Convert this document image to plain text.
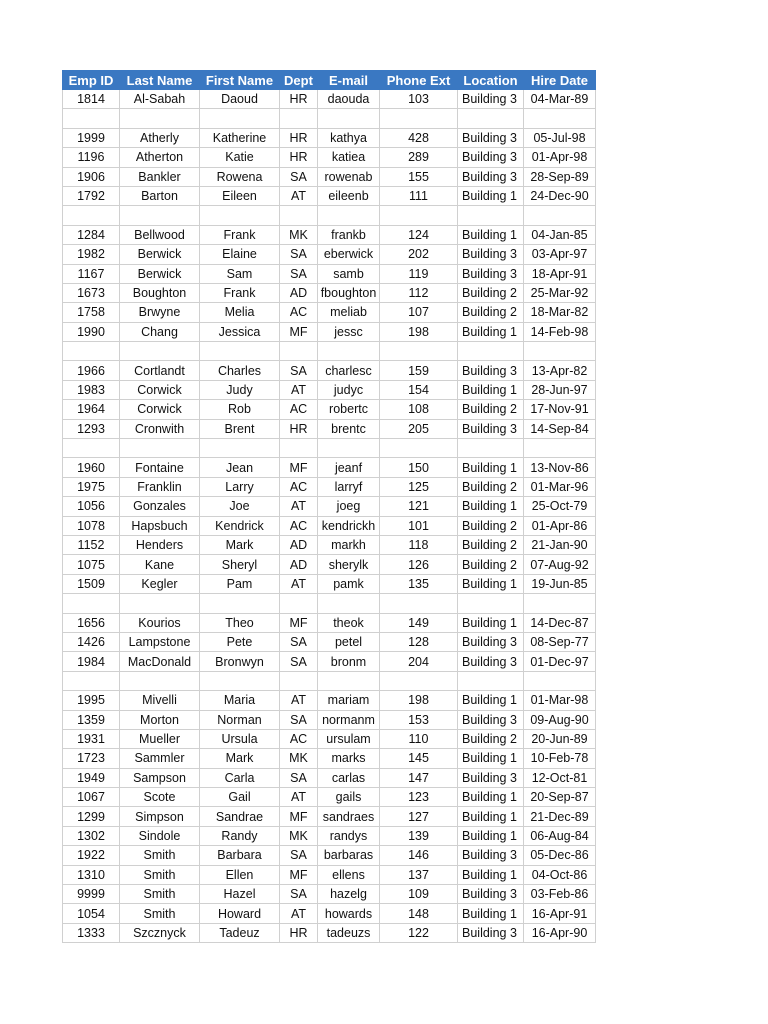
Emp ID	Last Name	First Name	Dept	E-mail	Phone Ext	Location	Hire Date
1814	Al-Sabah	Daoud	HR	daouda	103	Building 3	04-Mar-89

1999	Atherly	Katherine	HR	kathya	428	Building 3	05-Jul-98
1196	Atherton	Katie	HR	katiea	289	Building 3	01-Apr-98
1906	Bankler	Rowena	SA	rowenab	155	Building 3	28-Sep-89
1792	Barton	Eileen	AT	eileenb	111	Building 1	24-Dec-90

1284	Bellwood	Frank	MK	frankb	124	Building 1	04-Jan-85
1982	Berwick	Elaine	SA	eberwick	202	Building 3	03-Apr-97
1167	Berwick	Sam	SA	samb	119	Building 3	18-Apr-91
1673	Boughton	Frank	AD	fboughton	112	Building 2	25-Mar-92
1758	Brwyne	Melia	AC	meliab	107	Building 2	18-Mar-82
1990	Chang	Jessica	MF	jessc	198	Building 1	14-Feb-98

1966	Cortlandt	Charles	SA	charlesc	159	Building 3	13-Apr-82
1983	Corwick	Judy	AT	judyc	154	Building 1	28-Jun-97
1964	Corwick	Rob	AC	robertc	108	Building 2	17-Nov-91
1293	Cronwith	Brent	HR	brentc	205	Building 3	14-Sep-84

1960	Fontaine	Jean	MF	jeanf	150	Building 1	13-Nov-86
1975	Franklin	Larry	AC	larryf	125	Building 2	01-Mar-96
1056	Gonzales	Joe	AT	joeg	121	Building 1	25-Oct-79
1078	Hapsbuch	Kendrick	AC	kendrickh	101	Building 2	01-Apr-86
1152	Henders	Mark	AD	markh	118	Building 2	21-Jan-90
1075	Kane	Sheryl	AD	sherylk	126	Building 2	07-Aug-92
1509	Kegler	Pam	AT	pamk	135	Building 1	19-Jun-85

1656	Kourios	Theo	MF	theok	149	Building 1	14-Dec-87
1426	Lampstone	Pete	SA	petel	128	Building 3	08-Sep-77
1984	MacDonald	Bronwyn	SA	bronm	204	Building 3	01-Dec-97

1995	Mivelli	Maria	AT	mariam	198	Building 1	01-Mar-98
1359	Morton	Norman	SA	normanm	153	Building 3	09-Aug-90
1931	Mueller	Ursula	AC	ursulam	110	Building 2	20-Jun-89
1723	Sammler	Mark	MK	marks	145	Building 1	10-Feb-78
1949	Sampson	Carla	SA	carlas	147	Building 3	12-Oct-81
1067	Scote	Gail	AT	gails	123	Building 1	20-Sep-87
1299	Simpson	Sandrae	MF	sandraes	127	Building 1	21-Dec-89
1302	Sindole	Randy	MK	randys	139	Building 1	06-Aug-84
1922	Smith	Barbara	SA	barbaras	146	Building 3	05-Dec-86
1310	Smith	Ellen	MF	ellens	137	Building 1	04-Oct-86
9999	Smith	Hazel	SA	hazelg	109	Building 3	03-Feb-86
1054	Smith	Howard	AT	howards	148	Building 1	16-Apr-91
1333	Szcznyck	Tadeuz	HR	tadeuzs	122	Building 3	16-Apr-90
